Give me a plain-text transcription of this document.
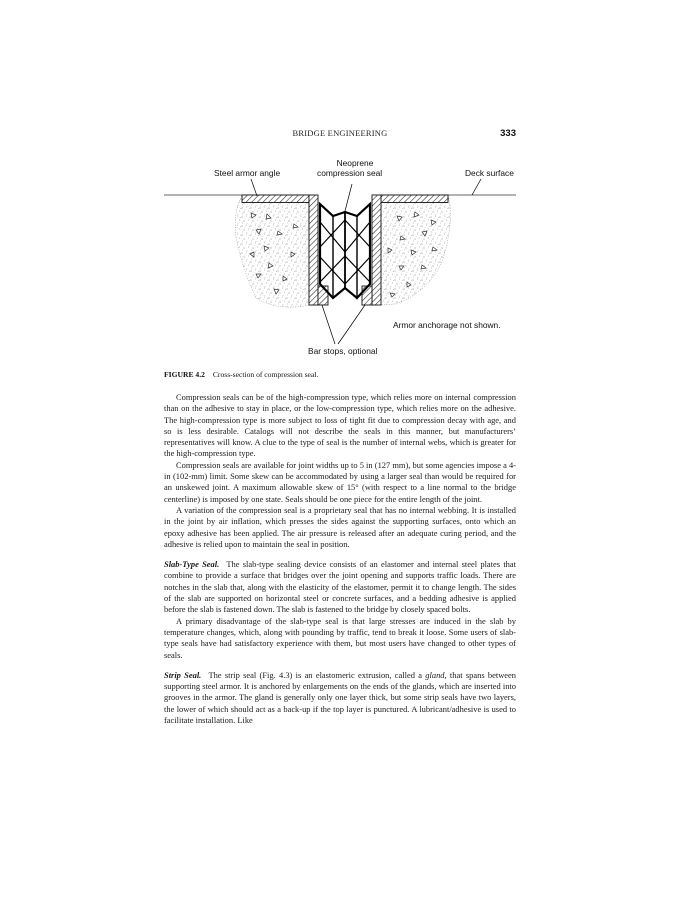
BRIDGE ENGINEERING	333
Neoprene
compression seal
Steel armor angle	Deck surface
Armor anchorage not shown.
Bar stops, optional
FIGURE 4.2 Cross-section of compression seal.

Compression seals can be of the high-compression type, which relies more on internal compression than on the adhesive to stay in place, or the low-compression type, which relies more on the adhesive. The high-compression type is more subject to loss of tight fit due to compression decay with age, and so is less desirable. Catalogs will not describe the seals in this manner, but manufacturers’ representatives will know. A clue to the type of seal is the number of internal webs, which is greater for the high-compression type.

Compression seals are available for joint widths up to 5 in (127 mm), but some agencies impose a 4-in (102-mm) limit. Some skew can be accommodated by using a larger seal than would be required for an unskewed joint. A maximum allowable skew of 15° (with respect to a line normal to the bridge centerline) is imposed by one state. Seals should be one piece for the entire length of the joint.

A variation of the compression seal is a proprietary seal that has no internal webbing. It is installed in the joint by air inflation, which presses the sides against the supporting surfaces, onto which an epoxy adhesive has been applied. The air pressure is released after an adequate curing period, and the adhesive is relied upon to maintain the seal in position.

Slab-Type Seal. The slab-type sealing device consists of an elastomer and internal steel plates that combine to provide a surface that bridges over the joint opening and supports traffic loads. There are notches in the slab that, along with the elasticity of the elastomer, permit it to change length. The sides of the slab are supported on horizontal steel or concrete surfaces, and a bedding adhesive is applied before the slab is fastened down. The slab is fastened to the bridge by closely spaced bolts.

A primary disadvantage of the slab-type seal is that large stresses are induced in the slab by temperature changes, which, along with pounding by traffic, tend to break it loose. Some users of slab-type seals have had satisfactory experience with them, but most users have changed to other types of seals.

Strip Seal. The strip seal (Fig. 4.3) is an elastomeric extrusion, called a gland, that spans between supporting steel armor. It is anchored by enlargements on the ends of the glands, which are inserted into grooves in the armor. The gland is generally only one layer thick, but some strip seals have two layers, the lower of which should act as a back-up if the top layer is punctured. A lubricant/adhesive is used to facilitate installation. Like
